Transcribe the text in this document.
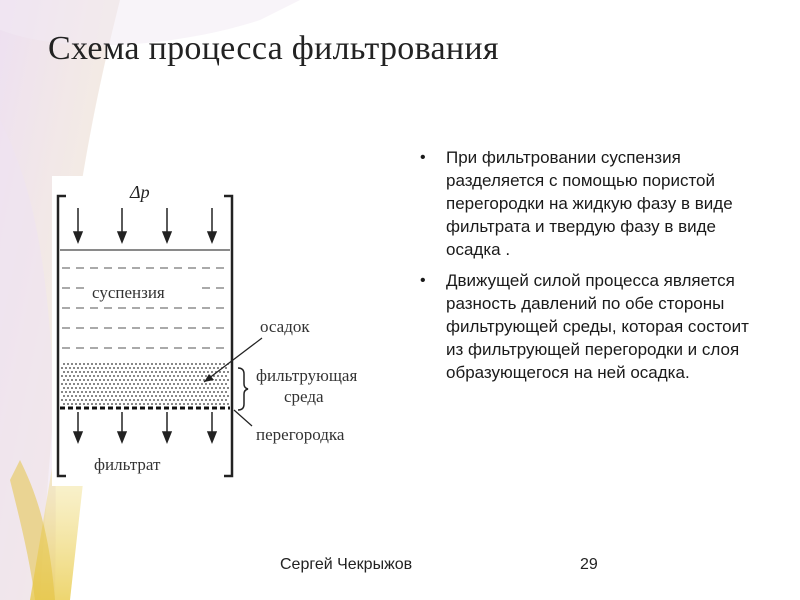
Схема процесса фильтрования
• При фильтровании суспензия разделяется с помощью пористой перегородки на жидкую фазу в виде фильтрата и твердую фазу в виде осадка .
• Движущей силой процесса является разность давлений по обе стороны фильтрующей среды, которая состоит из фильтрующей перегородки и слоя образующегося на ней осадка.
Δp
суспензия
фильтрат
осадок
фильтрующая
среда
перегородка
Сергей Чекрыжов	29
